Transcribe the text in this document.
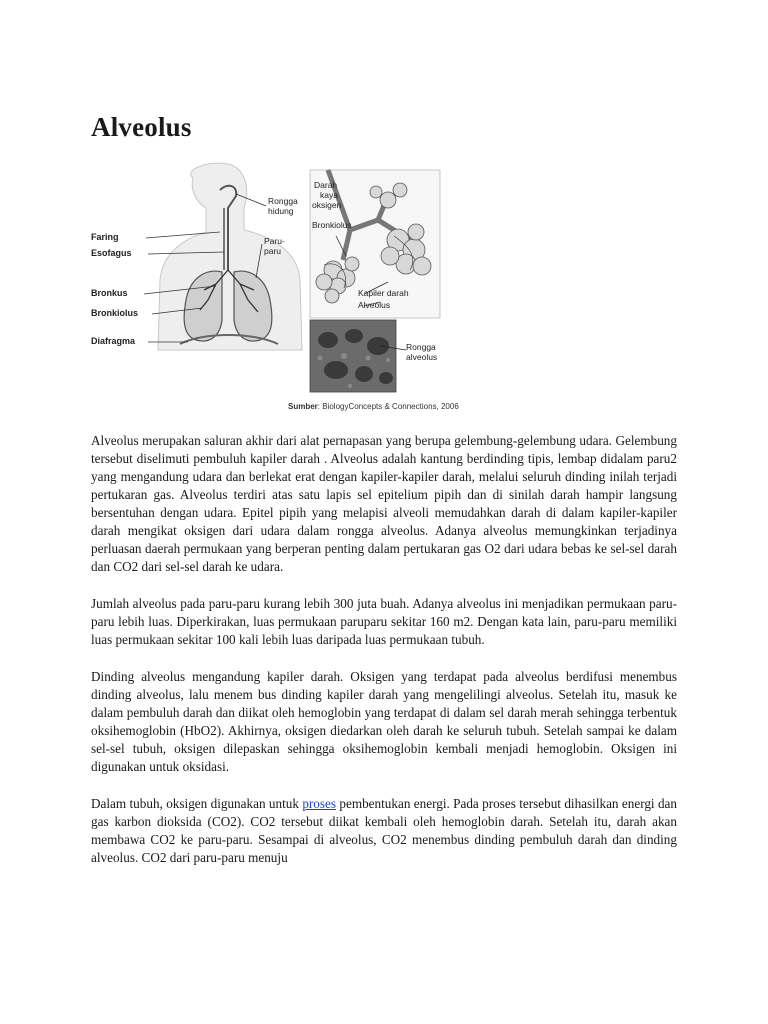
Alveolus
Faring
Esofagus
Bronkus
Bronkiolus
Diafragma
Rongga
hidung
Paru-
paru
Darah
kaya
oksigen
Bronkiolus
Kapiler darah
Alveolus
Rongga
alveolus
Sumber: BiologyConcepts & Connections, 2006

Alveolus merupakan saluran akhir dari alat pernapasan yang berupa gelembung-gelembung udara. Gelembung tersebut diselimuti pembuluh kapiler darah . Alveolus adalah kantung berdinding tipis, lembap didalam paru2 yang mengandung udara dan berlekat erat dengan kapiler-kapiler darah, melalui seluruh dinding inilah terjadi pertukaran gas. Alveolus terdiri atas satu lapis sel epitelium pipih dan di sinilah darah hampir langsung bersentuhan dengan udara. Epitel pipih yang melapisi alveoli memudahkan darah di dalam kapiler-kapiler darah mengikat oksigen dari udara dalam rongga alveolus. Adanya alveolus memungkinkan terjadinya perluasan daerah permukaan yang berperan penting dalam pertukaran gas O2 dari udara bebas ke sel-sel darah dan CO2 dari sel-sel darah ke udara.

Jumlah alveolus pada paru-paru kurang lebih 300 juta buah. Adanya alveolus ini menjadikan permukaan paru-paru lebih luas. Diperkirakan, luas permukaan paruparu sekitar 160 m2. Dengan kata lain, paru-paru memiliki luas permukaan sekitar 100 kali lebih luas daripada luas permukaan tubuh.

Dinding alveolus mengandung kapiler darah. Oksigen yang terdapat pada alveolus berdifusi menembus dinding alveolus, lalu menem bus dinding kapiler darah yang mengelilingi alveolus. Setelah itu, masuk ke dalam pembuluh darah dan diikat oleh hemoglobin yang terdapat di dalam sel darah merah sehingga terbentuk oksihemoglobin (HbO2). Akhirnya, oksigen diedarkan oleh darah ke seluruh tubuh. Setelah sampai ke dalam sel-sel tubuh, oksigen dilepaskan sehingga oksihemoglobin kembali menjadi hemoglobin. Oksigen ini digunakan untuk oksidasi.

Dalam tubuh, oksigen digunakan untuk proses pembentukan energi. Pada proses tersebut dihasilkan energi dan gas karbon dioksida (CO2). CO2 tersebut diikat kembali oleh hemoglobin darah. Setelah itu, darah akan membawa CO2 ke paru-paru. Sesampai di alveolus, CO2 menembus dinding pembuluh darah dan dinding alveolus. CO2 dari paru-paru menuju
